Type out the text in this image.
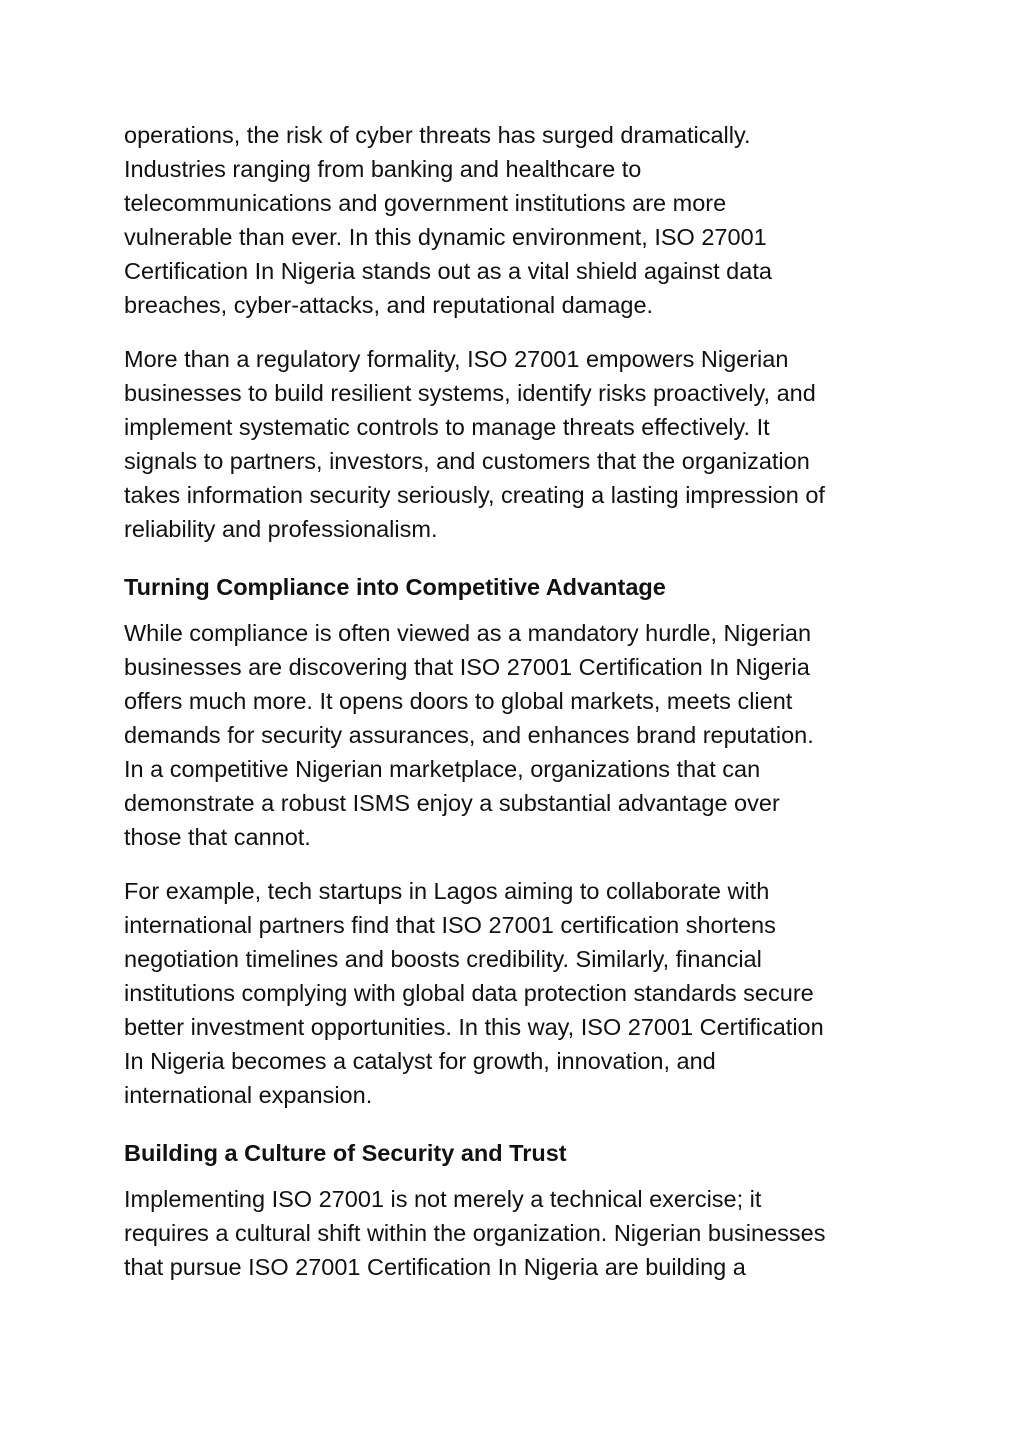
operations, the risk of cyber threats has surged dramatically.
Industries ranging from banking and healthcare to
telecommunications and government institutions are more
vulnerable than ever. In this dynamic environment, ISO 27001
Certification In Nigeria stands out as a vital shield against data
breaches, cyber-attacks, and reputational damage.

More than a regulatory formality, ISO 27001 empowers Nigerian
businesses to build resilient systems, identify risks proactively, and
implement systematic controls to manage threats effectively. It
signals to partners, investors, and customers that the organization
takes information security seriously, creating a lasting impression of
reliability and professionalism.

Turning Compliance into Competitive Advantage

While compliance is often viewed as a mandatory hurdle, Nigerian
businesses are discovering that ISO 27001 Certification In Nigeria
offers much more. It opens doors to global markets, meets client
demands for security assurances, and enhances brand reputation.
In a competitive Nigerian marketplace, organizations that can
demonstrate a robust ISMS enjoy a substantial advantage over
those that cannot.

For example, tech startups in Lagos aiming to collaborate with
international partners find that ISO 27001 certification shortens
negotiation timelines and boosts credibility. Similarly, financial
institutions complying with global data protection standards secure
better investment opportunities. In this way, ISO 27001 Certification
In Nigeria becomes a catalyst for growth, innovation, and
international expansion.

Building a Culture of Security and Trust

Implementing ISO 27001 is not merely a technical exercise; it
requires a cultural shift within the organization. Nigerian businesses
that pursue ISO 27001 Certification In Nigeria are building a
